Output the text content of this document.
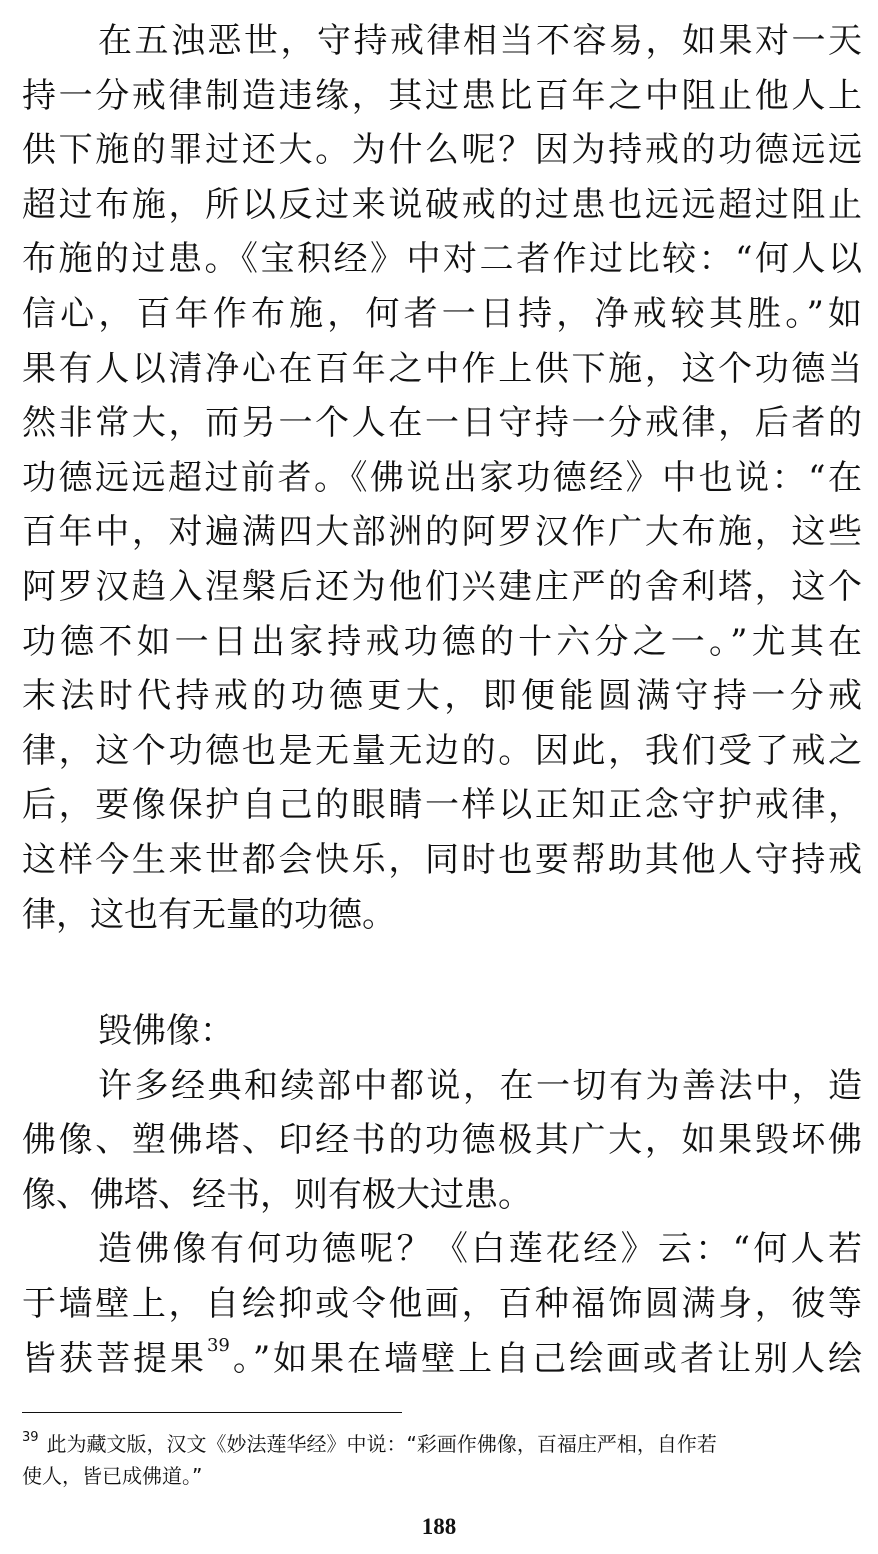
在五浊恶世，守持戒律相当不容易，如果对一天
持一分戒律制造违缘，其过患比百年之中阻止他人上
供下施的罪过还大。为什么呢？因为持戒的功德远远
超过布施，所以反过来说破戒的过患也远远超过阻止
布施的过患。《宝积经》中对二者作过比较：“何人以
信心，百年作布施，何者一日持，净戒较其胜。”如
果有人以清净心在百年之中作上供下施，这个功德当
然非常大，而另一个人在一日守持一分戒律，后者的
功德远远超过前者。《佛说出家功德经》中也说：“在
百年中，对遍满四大部洲的阿罗汉作广大布施，这些
阿罗汉趋入涅槃后还为他们兴建庄严的舍利塔，这个
功德不如一日出家持戒功德的十六分之一。”尤其在
末法时代持戒的功德更大，即便能圆满守持一分戒
律，这个功德也是无量无边的。因此，我们受了戒之
后，要像保护自己的眼睛一样以正知正念守护戒律，
这样今生来世都会快乐，同时也要帮助其他人守持戒
律，这也有无量的功德。
毁佛像：
许多经典和续部中都说，在一切有为善法中，造
佛像、塑佛塔、印经书的功德极其广大，如果毁坏佛
像、佛塔、经书，则有极大过患。
造佛像有何功德呢？《白莲花经》云：“何人若
于墙壁上，自绘抑或令他画，百种福饰圆满身，彼等
皆获菩提果$^{39}$。”如果在墙壁上自己绘画或者让别人绘
$^{39}$ 此为藏文版，汉文《妙法莲华经》中说：“彩画作佛像，百福庄严相，自作若
使人，皆已成佛道。”
188
